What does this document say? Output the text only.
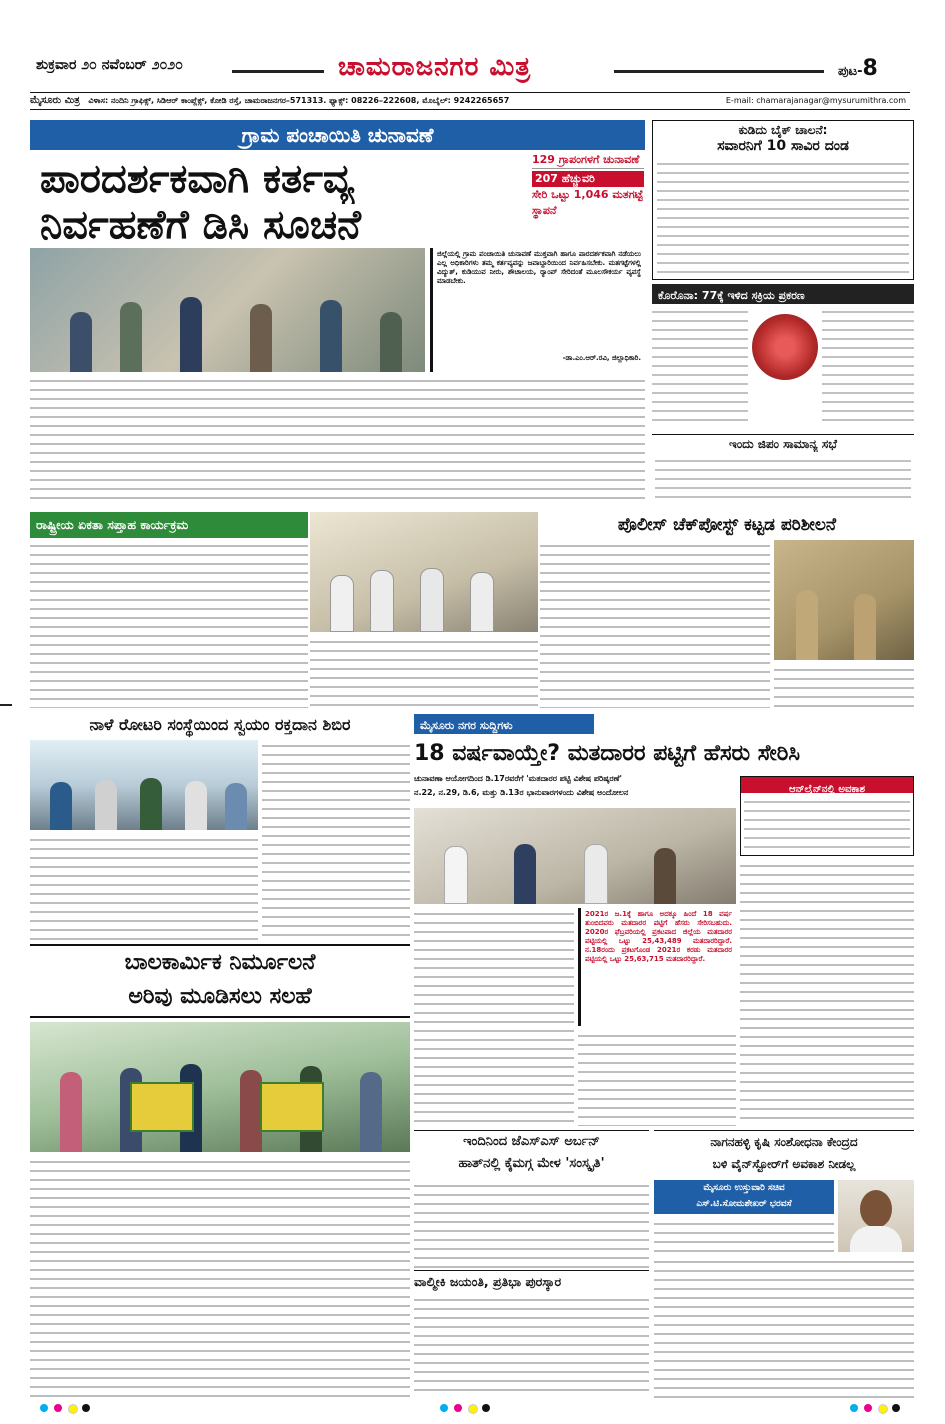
ಶುಕ್ರವಾರ ೨೦ ನವೆಂಬರ್ ೨೦೨೦	ಚಾಮರಾಜನಗರ ಮಿತ್ರ	ಪುಟ-8
ಮೈಸೂರು ಮಿತ್ರ ವಿಳಾಸ: ನಂದಿನಿ ಗ್ರಾಫಿಕ್ಸ್, ಸಿಡಿಆರ್ ಕಾಂಪ್ಲೆಕ್ಸ್, ಕೋಡಿ ರಸ್ತೆ, ಚಾಮರಾಜನಗರ–571313. ಫ್ಯಾಕ್ಸ್: 08226–222608, ಮೊಬೈಲ್: 9242265657	E-mail: chamarajanagar@mysurumithra.com
ಗ್ರಾಮ ಪಂಚಾಯಿತಿ ಚುನಾವಣೆ
ಪಾರದರ್ಶಕವಾಗಿ ಕರ್ತವ್ಯ
ನಿರ್ವಹಣೆಗೆ ಡಿಸಿ ಸೂಚನೆ
129 ಗ್ರಾಪಂಗಳಗೆ ಚುನಾವಣೆ
207 ಹೆಚ್ಚುವರಿ
ಸೇರಿ ಒಟ್ಟು 1,046 ಮತಗಟ್ಟೆ ಸ್ಥಾಪನೆ
ಜಿಲ್ಲೆಯಲ್ಲಿ ಗ್ರಾಮ ಪಂಚಾಯಿತಿ ಚುನಾವಣೆ ಮುಕ್ತವಾಗಿ ಹಾಗೂ ಪಾರದರ್ಶಕವಾಗಿ ನಡೆಯಲು ಎಲ್ಲ ಅಧಿಕಾರಿಗಳು ತಮ್ಮ ಕರ್ತವ್ಯವನ್ನು ಜವಾಬ್ದಾರಿಯಿಂದ ನಿರ್ವಹಿಸಬೇಕು. ಮತಗಟ್ಟೆಗಳಲ್ಲಿ ವಿದ್ಯುತ್, ಕುಡಿಯುವ ನೀರು, ಶೌಚಾಲಯ, ರ‍್ಯಾಂಪ್ ಸೇರಿದಂತೆ ಮೂಲಸೌಕರ್ಯ ವ್ಯವಸ್ಥೆ ಮಾಡಬೇಕು.
-ಡಾ.ಎಂ.ಆರ್.ರವಿ, ಜಿಲ್ಲಾಧಿಕಾರಿ.
ಕುಡಿದು ಬೈಕ್ ಚಾಲನೆ:
ಸವಾರನಿಗೆ 10 ಸಾವಿರ ದಂಡ
ಕೊರೊನಾ: 77ಕ್ಕೆ ಇಳಿದ ಸಕ್ರಿಯ ಪ್ರಕರಣ
ಇಂದು ಜಿಪಂ ಸಾಮಾನ್ಯ ಸಭೆ
ರಾಷ್ಟ್ರೀಯ ಏಕತಾ ಸಪ್ತಾಹ ಕಾರ್ಯಕ್ರಮ	ಪೊಲೀಸ್ ಚೆಕ್‌ಪೋಸ್ಟ್ ಕಟ್ಟಡ ಪರಿಶೀಲನೆ
ನಾಳೆ ರೋಟರಿ ಸಂಸ್ಥೆಯಿಂದ ಸ್ವಯಂ ರಕ್ತದಾನ ಶಿಬಿರ
ಬಾಲಕಾರ್ಮಿಕ ನಿರ್ಮೂಲನೆ
ಅರಿವು ಮೂಡಿಸಲು ಸಲಹೆ
ಮೈಸೂರು ನಗರ ಸುದ್ದಿಗಳು
18 ವರ್ಷವಾಯ್ತೇ? ಮತದಾರರ ಪಟ್ಟಿಗೆ ಹೆಸರು ಸೇರಿಸಿ
ಚುನಾವಣಾ ಆಯೋಗದಿಂದ ಡಿ.17ರವರೆಗೆ 'ಮತದಾರರ ಪಟ್ಟಿ ವಿಶೇಷ ಪರಿಷ್ಕರಣೆ'
ನ.22, ನ.29, ಡಿ.6, ಮತ್ತು ಡಿ.13ರ ಭಾನುವಾರಗಳಂದು ವಿಶೇಷ ಅಂದೋಲನ	ಆನ್‌ಲೈನ್‌ನಲ್ಲಿ ಅವಕಾಶ
2021ರ ಜ.1ಕ್ಕೆ ಹಾಗೂ ಅದಕ್ಕೂ ಹಿಂದೆ 18 ವರ್ಷ ತುಂಬಿದವರು ಮತದಾರರ ಪಟ್ಟಿಗೆ ಹೆಸರು ಸೇರಿಸಬಹುದು. 2020ರ ಫೆಬ್ರವರಿಯಲ್ಲಿ ಪ್ರಕಟವಾದ ಜಿಲ್ಲೆಯ ಮತದಾರರ ಪಟ್ಟಿಯಲ್ಲಿ ಒಟ್ಟು 25,43,489 ಮತದಾರರಿದ್ದಾರೆ. ನ.18ರಂದು ಪ್ರಕಟಗೊಂಡ 2021ರ ಕರಡು ಮತದಾರರ ಪಟ್ಟಿಯಲ್ಲಿ ಒಟ್ಟು 25,63,715 ಮತದಾರರಿದ್ದಾರೆ.
ಇಂದಿನಿಂದ ಜೆಎಸ್‌ಎಸ್ ಅರ್ಬನ್
ಹಾತ್‌ನಲ್ಲಿ ಕೈಮಗ್ಗ ಮೇಳ 'ಸಂಸ್ಕೃತಿ'
ವಾಲ್ಮೀಕಿ ಜಯಂತಿ, ಪ್ರತಿಭಾ ಪುರಸ್ಕಾರ
ನಾಗನಹಳ್ಳಿ ಕೃಷಿ ಸಂಶೋಧನಾ ಕೇಂದ್ರದ
ಬಳಿ ವೈನ್‌ಸ್ಟೋರ್‌ಗೆ ಅವಕಾಶ ನೀಡಲ್ಲ
ಮೈಸೂರು ಉಸ್ತುವಾರಿ ಸಚಿವ
ಎಸ್.ಟಿ.ಸೋಮಶೇಖರ್ ಭರವಸೆ
